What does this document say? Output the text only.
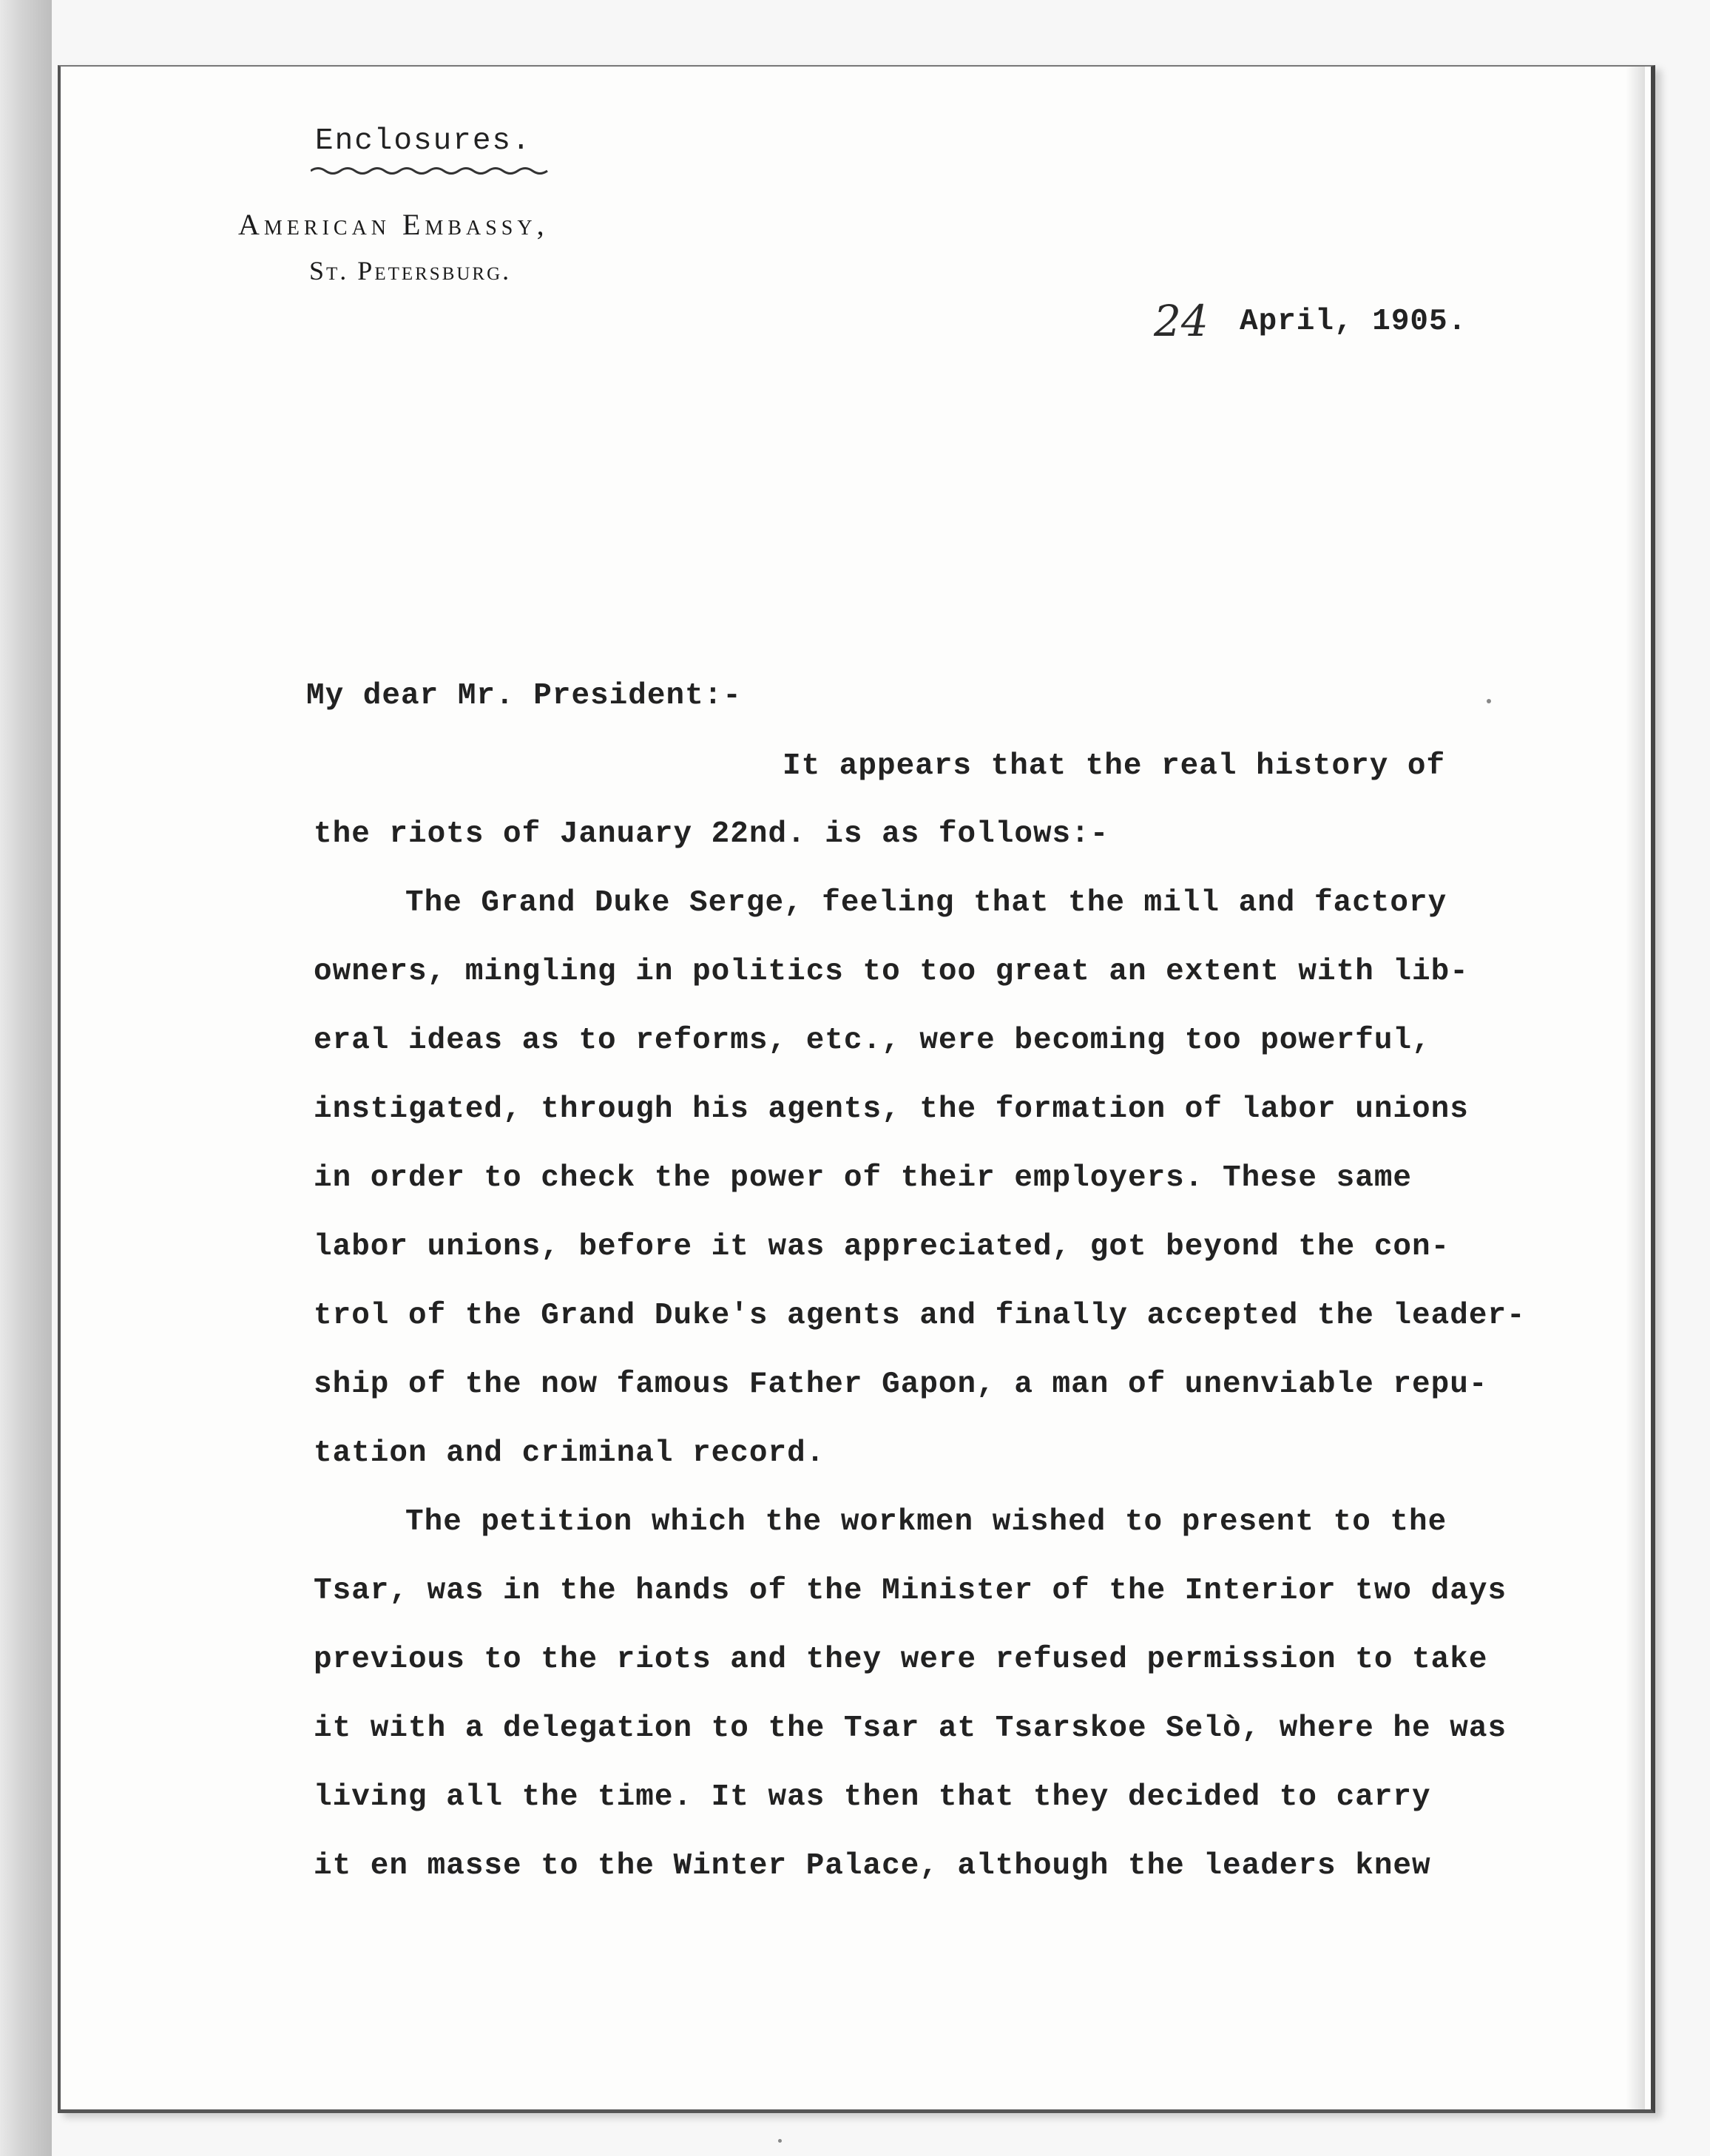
Enclosures.
American Embassy,
St. Petersburg.
24 April, 1905.
My dear Mr. President:-
It appears that the real history of
the riots of January 22nd. is as follows:-
The Grand Duke Serge, feeling that the mill and factory
owners, mingling in politics to too great an extent with lib-
eral ideas as to reforms, etc., were becoming too powerful,
instigated, through his agents, the formation of labor unions
in order to check the power of their employers. These same
labor unions, before it was appreciated, got beyond the con-
trol of the Grand Duke's agents and finally accepted the leader-
ship of the now famous Father Gapon, a man of unenviable repu-
tation and criminal record.
The petition which the workmen wished to present to the
Tsar, was in the hands of the Minister of the Interior two days
previous to the riots and they were refused permission to take
it with a delegation to the Tsar at Tsarskoe Selò, where he was
living all the time. It was then that they decided to carry
it en masse to the Winter Palace, although the leaders knew
